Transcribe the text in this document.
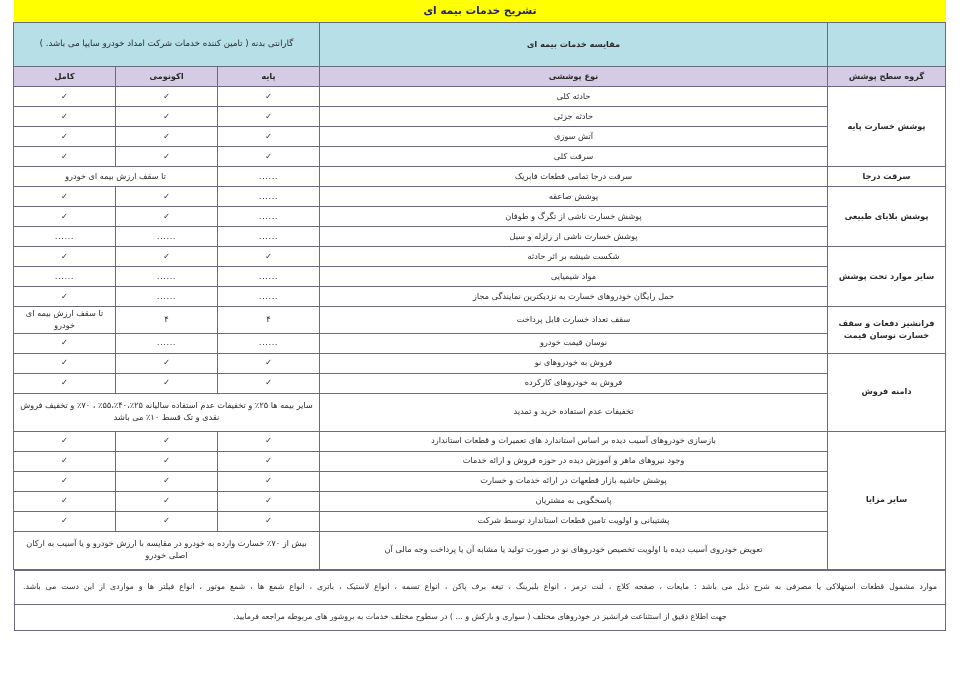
تشریح خدمات بیمه ای
	مقایسه خدمات بیمه ای	گارانتی بدنه ( تامین کننده خدمات شرکت امداد خودرو سایپا می باشد. )		
گروه سطح پوشش	نوع پوششی	پایه	اکونومی	کامل
پوشش خسارت پایه	حادثه کلی	✓	✓	✓
	حادثه جزئی	✓	✓	✓
	آتش سوزی	✓	✓	✓
	سرقت کلی	✓	✓	✓
سرقت درجا	سرقت درجا تمامی قطعات فابریک	......	تا سقف ارزش بیمه ای خودرو	
پوشش بلایای طبیعی	پوشش صاعقه	......	✓	✓
	پوشش خسارت ناشی از تگرگ و طوفان	......	✓	✓
	پوشش خسارت ناشی از زلزله و سیل	......	......	......
سایر موارد تحت پوشش	شکست شیشه بر اثر حادثه	✓	✓	✓
	مواد شیمیایی	......	......	......
	حمل رایگان خودروهای خسارت به نزدیکترین نمایندگی مجاز	......	......	✓
فرانشیز دفعات و سقف خسارت نوسان قیمت	سقف تعداد خسارت قابل پرداخت	۴	۴	تا سقف ارزش بیمه ای خودرو
	نوسان قیمت خودرو	......	......	✓
دامنه فروش	فروش به خودروهای نو	✓	✓	✓
	فروش به خودروهای کارکرده	✓	✓	✓
	تخفیفات عدم استفاده خرید و تمدید	سایر بیمه ها ۲۵٪ و تخفیفات عدم استفاده سالیانه ۲۵٪،۴۰٪،۵۵٪ ، ۷۰٪ و تخفیف فروش نقدی و تک قسط ۱۰٪ می باشد		
سایر مزایا	بازسازی خودروهای آسیب دیده بر اساس استاندارد های تعمیرات و قطعات استاندارد	✓	✓	✓
	وجود نیروهای ماهر و آموزش دیده در حوزه فروش و ارائه خدمات	✓	✓	✓
	پوشش حاشیه بازار قطعهات در ارائه خدمات و خسارت	✓	✓	✓
	پاسخگویی به مشتریان	✓	✓	✓
	پشتیبانی و اولویت تامین قطعات استاندارد توسط شرکت	✓	✓	✓
	تعویض خودروی آسیب دیده با اولویت تخصیص خودروهای نو در صورت تولید یا مشابه آن یا پرداخت وجه مالی آن	بیش از ۷۰٪ خسارت وارده به خودرو در مقایسه با ارزش خودرو و یا آسیب به ارکان اصلی خودرو		
موارد مشمول قطعات استهلاکی یا مصرفی به شرح ذیل می باشد : مایعات ، صفحه کلاچ ، لنت ترمز ، انواع بلبرینگ ، تیغه برف پاکن ، انواع تسمه ، انواع لاستیک ، باتری ، انواع شمع ها ، شمع موتور ، انواع فیلتر ها و مواردی از این دست می باشد.
جهت اطلاع دقیق از استثناعت فرانشیز در خودروهای مختلف ( سواری و بارکش و ... ) در سطوح مختلف خدمات به بروشور های مربوطه مراجعه فرمایید.
